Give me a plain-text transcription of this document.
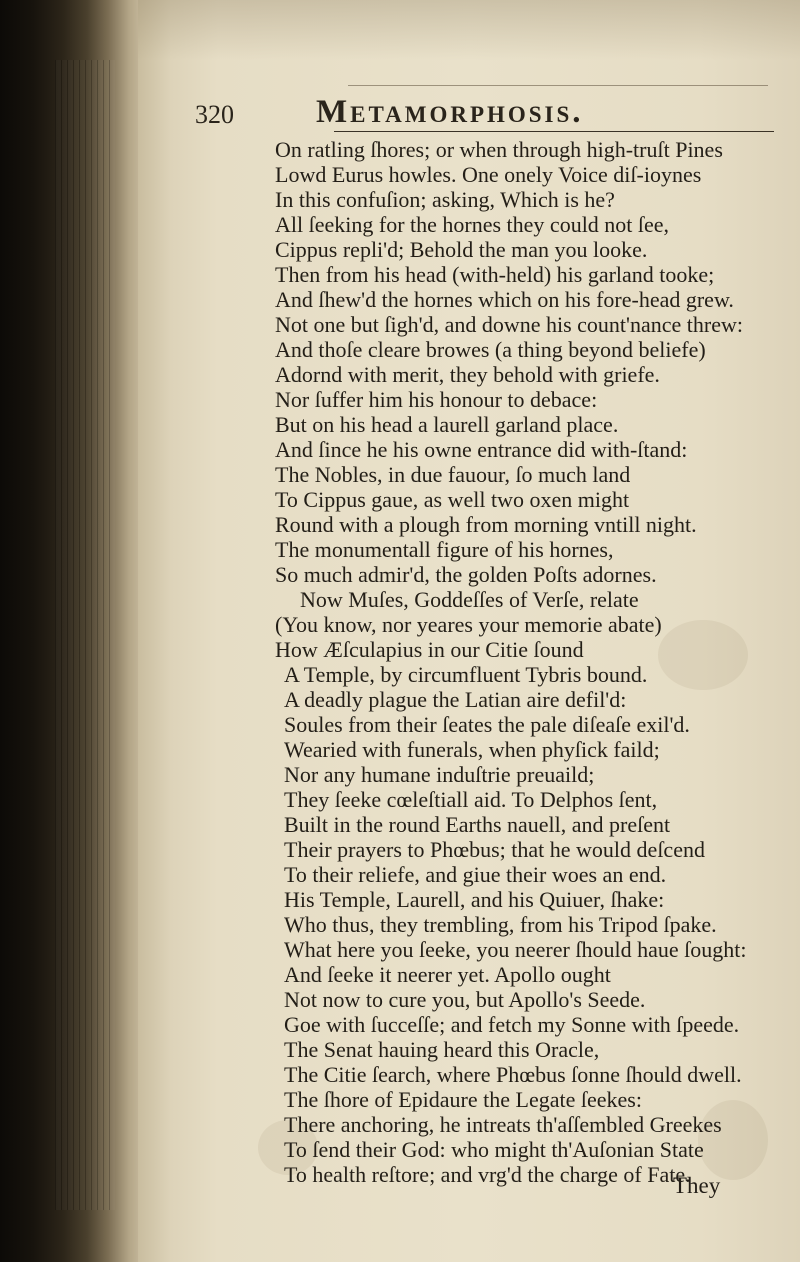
320 Metamorphosis.
On ratling ſhores; or when through high-truſt Pines
Lowd Eurus howles. One onely Voice diſ-ioynes
In this confuſion; asking, Which is he?
All ſeeking for the hornes they could not ſee,
Cippus repli'd; Behold the man you looke.
Then from his head (with-held) his garland tooke;
And ſhew'd the hornes which on his fore-head grew.
Not one but ſigh'd, and downe his count'nance threw:
And thoſe cleare browes (a thing beyond beliefe)
Adornd with merit, they behold with griefe.
Nor ſuffer him his honour to debace:
But on his head a laurell garland place.
And ſince he his owne entrance did with-ſtand:
The Nobles, in due fauour, ſo much land
To Cippus gaue, as well two oxen might
Round with a plough from morning vntill night.
The monumentall figure of his hornes,
So much admir'd, the golden Poſts adornes.
Now Muſes, Goddeſſes of Verſe, relate
(You know, nor yeares your memorie abate)
How Æſculapius in our Citie ſound
A Temple, by circumfluent Tybris bound.
A deadly plague the Latian aire defil'd:
Soules from their ſeates the pale diſeaſe exil'd.
Wearied with funerals, when phyſick faild;
Nor any humane induſtrie preuaild;
They ſeeke cœleſtiall aid. To Delphos ſent,
Built in the round Earths nauell, and preſent
Their prayers to Phœbus; that he would deſcend
To their reliefe, and giue their woes an end.
His Temple, Laurell, and his Quiuer, ſhake:
Who thus, they trembling, from his Tripod ſpake.
What here you ſeeke, you neerer ſhould haue ſought:
And ſeeke it neerer yet. Apollo ought
Not now to cure you, but Apollo's Seede.
Goe with ſucceſſe; and fetch my Sonne with ſpeede.
The Senat hauing heard this Oracle,
The Citie ſearch, where Phœbus ſonne ſhould dwell.
The ſhore of Epidaure the Legate ſeekes:
There anchoring, he intreats th'aſſembled Greekes
To ſend their God: who might th'Auſonian State
To health reſtore; and vrg'd the charge of Fate.
They
